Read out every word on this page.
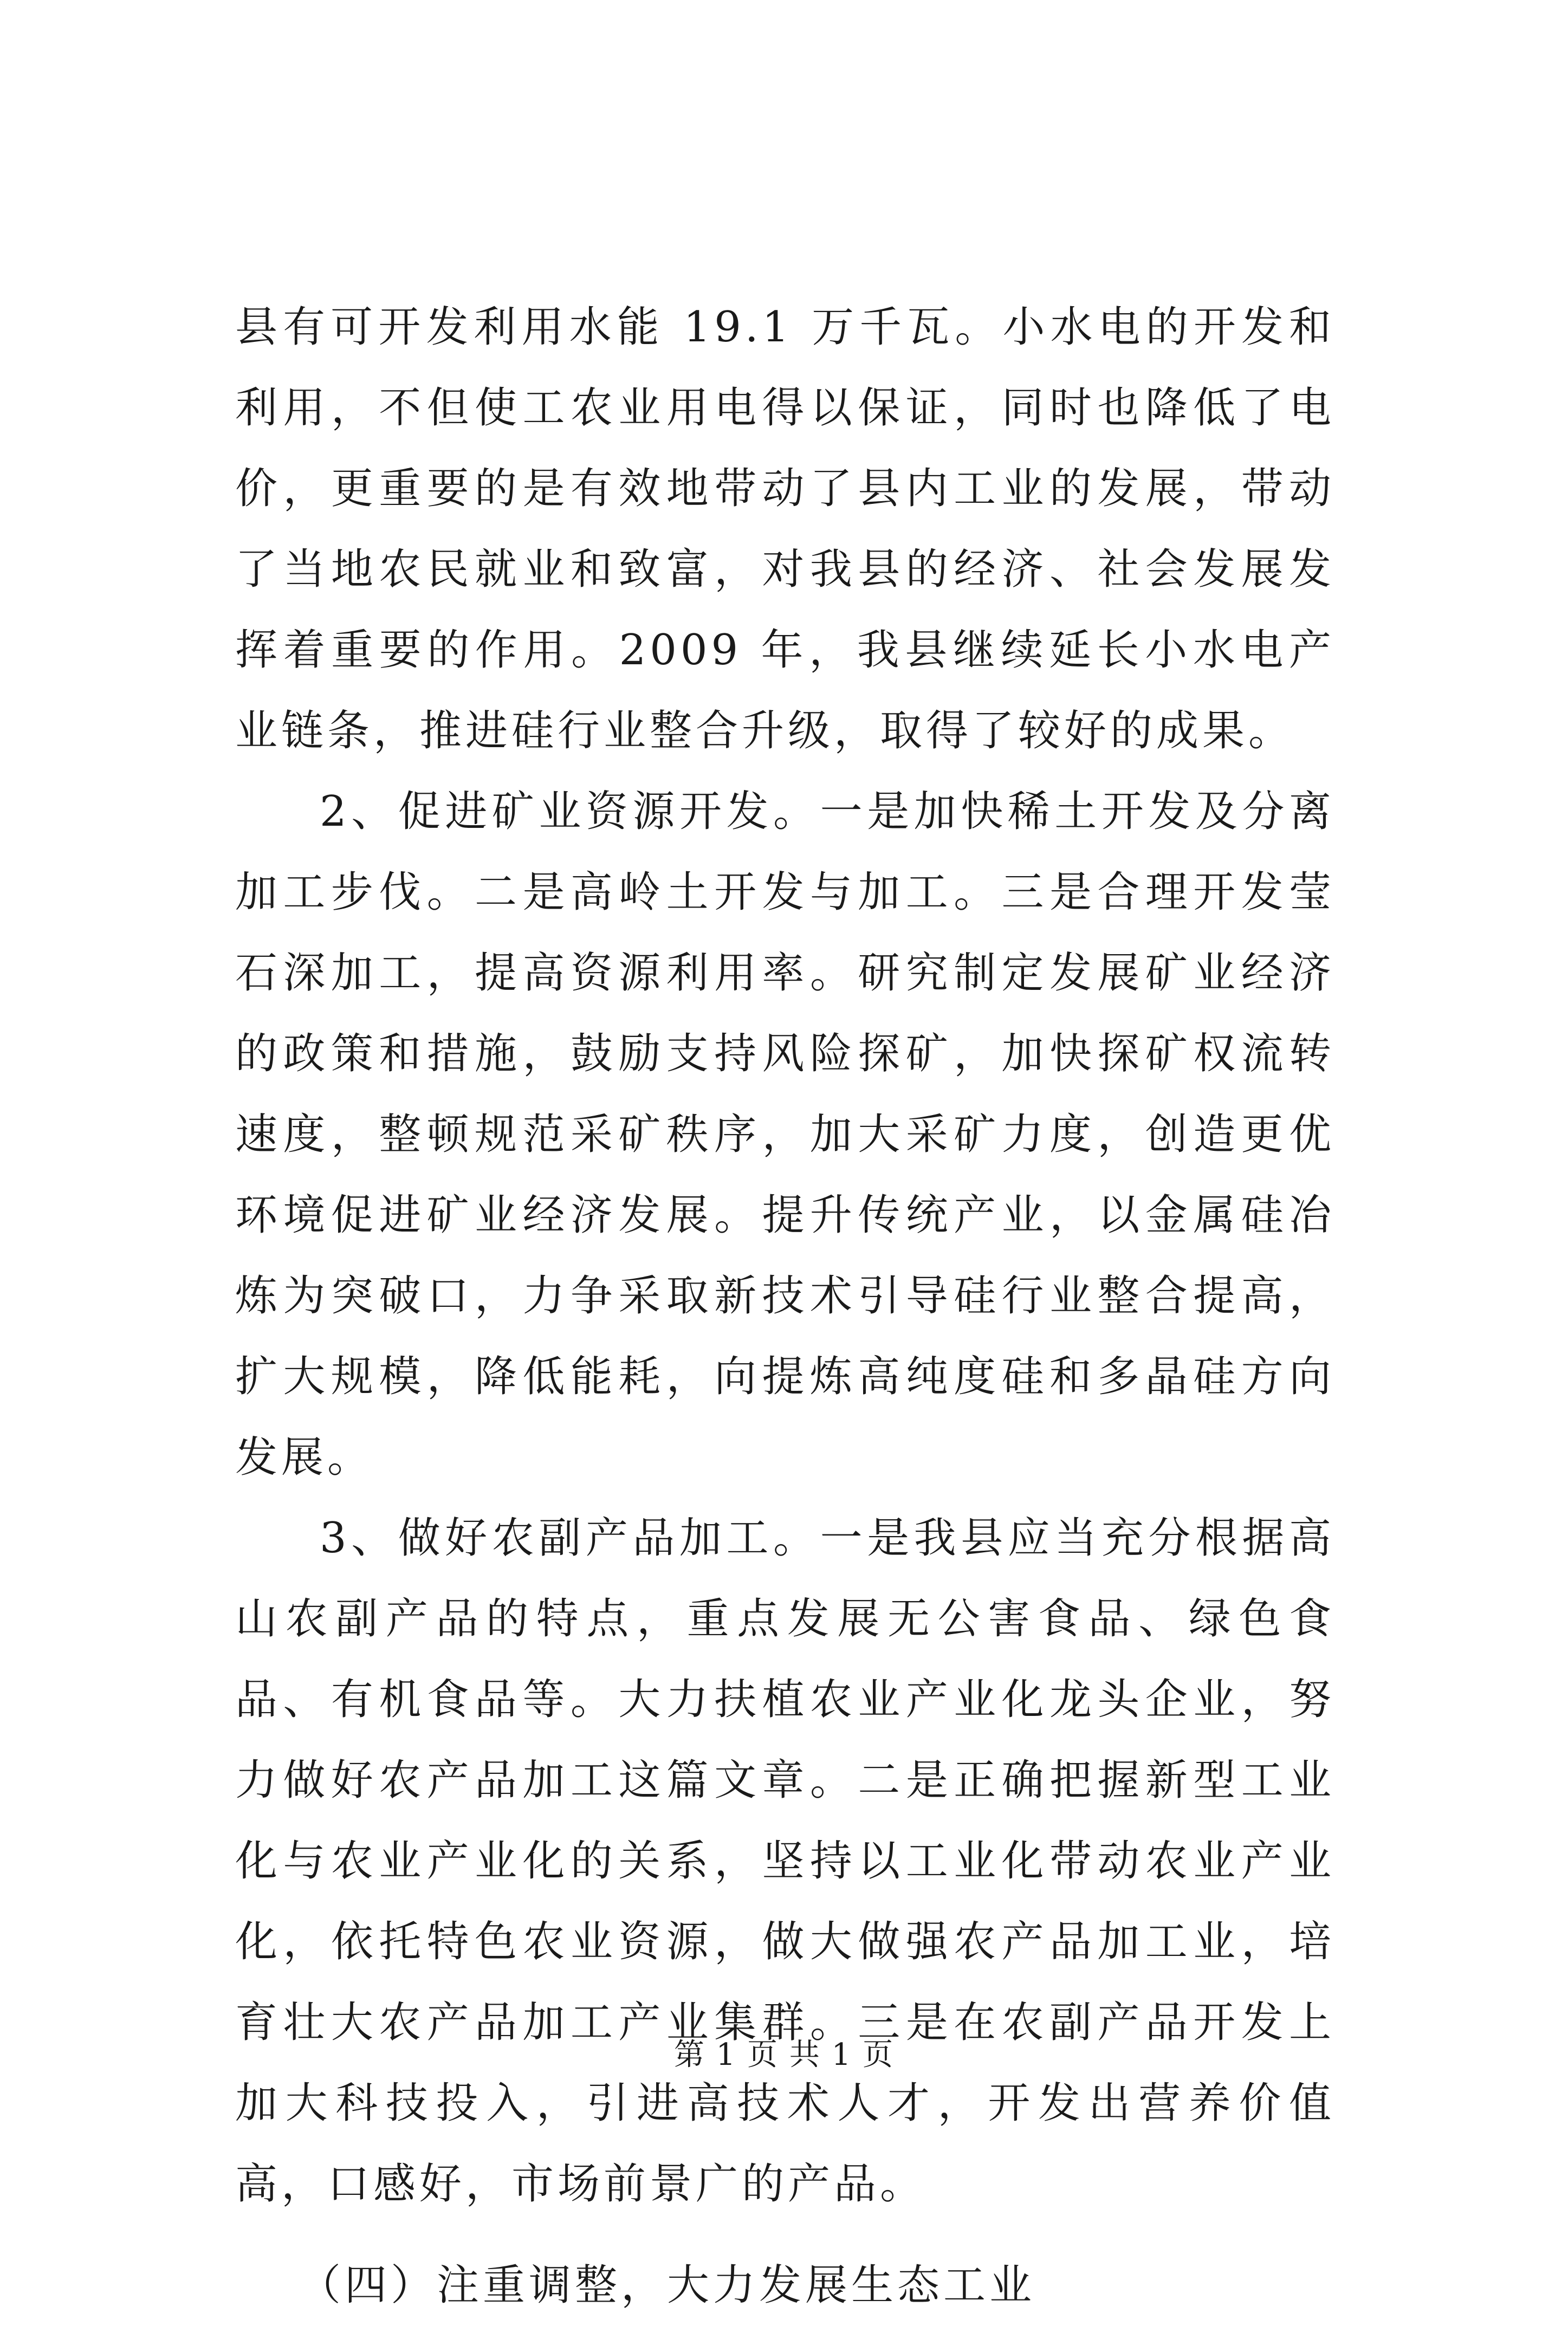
县有可开发利用水能 19.1 万千瓦。小水电的开发和利用，不但使工农业用电得以保证，同时也降低了电价，更重要的是有效地带动了县内工业的发展，带动了当地农民就业和致富，对我县的经济、社会发展发挥着重要的作用。2009 年，我县继续延长小水电产业链条，推进硅行业整合升级，取得了较好的成果。

2、促进矿业资源开发。一是加快稀土开发及分离加工步伐。二是高岭土开发与加工。三是合理开发莹石深加工，提高资源利用率。研究制定发展矿业经济的政策和措施，鼓励支持风险探矿，加快探矿权流转速度，整顿规范采矿秩序，加大采矿力度，创造更优环境促进矿业经济发展。提升传统产业，以金属硅冶炼为突破口，力争采取新技术引导硅行业整合提高，扩大规模，降低能耗，向提炼高纯度硅和多晶硅方向发展。

3、做好农副产品加工。一是我县应当充分根据高山农副产品的特点，重点发展无公害食品、绿色食品、有机食品等。大力扶植农业产业化龙头企业，努力做好农产品加工这篇文章。二是正确把握新型工业化与农业产业化的关系，坚持以工业化带动农业产业化，依托特色农业资源，做大做强农产品加工业，培育壮大农产品加工产业集群。三是在农副产品开发上加大科技投入，引进高技术人才，开发出营养价值高，口感好，市场前景广的产品。

（四）注重调整，大力发展生态工业

第 1 页 共 1 页
